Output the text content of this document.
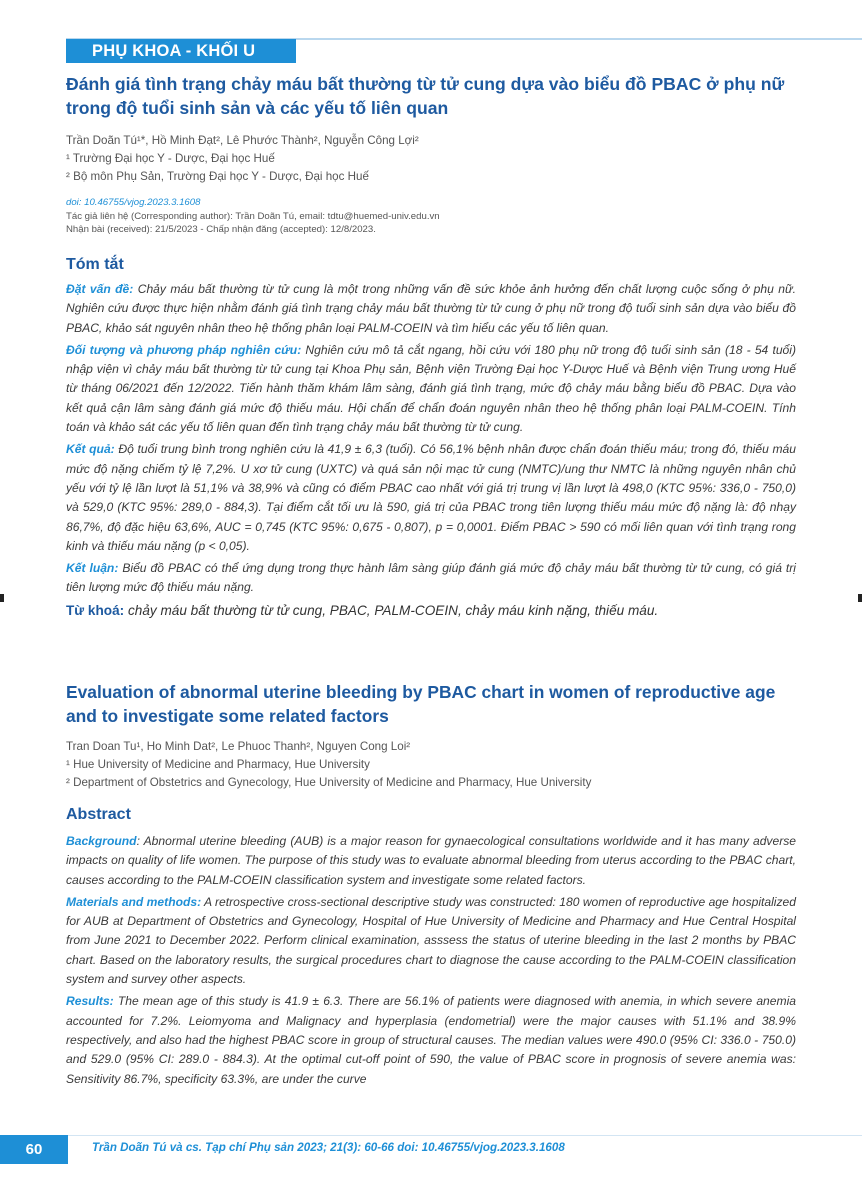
PHỤ KHOA - KHỐI U
Đánh giá tình trạng chảy máu bất thường từ tử cung dựa vào biểu đồ PBAC ở phụ nữ trong độ tuổi sinh sản và các yếu tố liên quan
Trần Doãn Tú¹*, Hồ Minh Đạt², Lê Phước Thành², Nguyễn Công Lợi²
¹ Trường Đại học Y - Dược, Đại học Huế
² Bộ môn Phụ Sản, Trường Đại học Y - Dược, Đại học Huế
doi: 10.46755/vjog.2023.3.1608
Tác giả liên hệ (Corresponding author): Trần Doãn Tú, email: tdtu@huemed-univ.edu.vn
Nhận bài (received): 21/5/2023 - Chấp nhận đăng (accepted): 12/8/2023.
Tóm tắt

Đặt vấn đề: Chảy máu bất thường từ tử cung là một trong những vấn đề sức khỏe ảnh hưởng đến chất lượng cuộc sống ở phụ nữ. Nghiên cứu được thực hiện nhằm đánh giá tình trạng chảy máu bất thường từ tử cung ở phụ nữ trong độ tuổi sinh sản dựa vào biểu đồ PBAC, khảo sát nguyên nhân theo hệ thống phân loại PALM-COEIN và tìm hiểu các yếu tố liên quan.

Đối tượng và phương pháp nghiên cứu: Nghiên cứu mô tả cắt ngang, hồi cứu với 180 phụ nữ trong độ tuổi sinh sản (18 - 54 tuổi) nhập viện vì chảy máu bất thường từ tử cung tại Khoa Phụ sản, Bệnh viện Trường Đại học Y-Dược Huế và Bệnh viện Trung ương Huế từ tháng 06/2021 đến 12/2022. Tiến hành thăm khám lâm sàng, đánh giá tình trạng, mức độ chảy máu bằng biểu đồ PBAC. Dựa vào kết quả cận lâm sàng đánh giá mức độ thiếu máu. Hội chẩn để chẩn đoán nguyên nhân theo hệ thống phân loại PALM-COEIN. Tính toán và khảo sát các yếu tố liên quan đến tình trạng chảy máu bất thường từ tử cung.

Kết quả: Độ tuổi trung bình trong nghiên cứu là 41,9 ± 6,3 (tuổi). Có 56,1% bệnh nhân được chẩn đoán thiếu máu; trong đó, thiếu máu mức độ nặng chiếm tỷ lệ 7,2%. U xơ tử cung (UXTC) và quá sản nội mạc tử cung (NMTC)/ung thư NMTC là những nguyên nhân chủ yếu với tỷ lệ lần lượt là 51,1% và 38,9% và cũng có điểm PBAC cao nhất với giá trị trung vị lần lượt là 498,0 (KTC 95%: 336,0 - 750,0) và 529,0 (KTC 95%: 289,0 - 884,3). Tại điểm cắt tối ưu là 590, giá trị của PBAC trong tiên lượng thiếu máu mức độ nặng là: độ nhạy 86,7%, độ đặc hiệu 63,6%, AUC = 0,745 (KTC 95%: 0,675 - 0,807), p = 0,0001. Điểm PBAC > 590 có mối liên quan với tình trạng rong kinh và thiếu máu nặng (p < 0,05).

Kết luận: Biểu đồ PBAC có thể ứng dụng trong thực hành lâm sàng giúp đánh giá mức độ chảy máu bất thường từ tử cung, có giá trị tiên lượng mức độ thiếu máu nặng.

Từ khoá: chảy máu bất thường từ tử cung, PBAC, PALM-COEIN, chảy máu kinh nặng, thiếu máu.

Evaluation of abnormal uterine bleeding by PBAC chart in women of reproductive age and to investigate some related factors
Tran Doan Tu¹, Ho Minh Dat², Le Phuoc Thanh², Nguyen Cong Loi²
¹ Hue University of Medicine and Pharmacy, Hue University
² Department of Obstetrics and Gynecology, Hue University of Medicine and Pharmacy, Hue University
Abstract

Background: Abnormal uterine bleeding (AUB) is a major reason for gynaecological consultations worldwide and it has many adverse impacts on quality of life women. The purpose of this study was to evaluate abnormal bleeding from uterus according to the PBAC chart, causes according to the PALM-COEIN classification system and investigate some related factors.

Materials and methods: A retrospective cross-sectional descriptive study was constructed: 180 women of reproductive age hospitalized for AUB at Department of Obstetrics and Gynecology, Hospital of Hue University of Medicine and Pharmacy and Hue Central Hospital from June 2021 to December 2022. Perform clinical examination, asssess the status of uterine bleeding in the last 2 months by PBAC chart. Based on the laboratory results, the surgical procedures chart to diagnose the cause according to the PALM-COEIN classification system and survey other aspects.

Results: The mean age of this study is 41.9 ± 6.3. There are 56.1% of patients were diagnosed with anemia, in which severe anemia accounted for 7.2%. Leiomyoma and Malignacy and hyperplasia (endometrial) were the major causes with 51.1% and 38.9% respectively, and also had the highest PBAC score in group of structural causes. The median values were 490.0 (95% CI: 336.0 - 750.0) and 529.0 (95% CI: 289.0 - 884.3). At the optimal cut-off point of 590, the value of PBAC score in prognosis of severe anemia was: Sensitivity 86.7%, specificity 63.3%, are under the curve

60	Trần Doãn Tú và cs. Tạp chí Phụ sản 2023; 21(3): 60-66 doi: 10.46755/vjog.2023.3.1608
